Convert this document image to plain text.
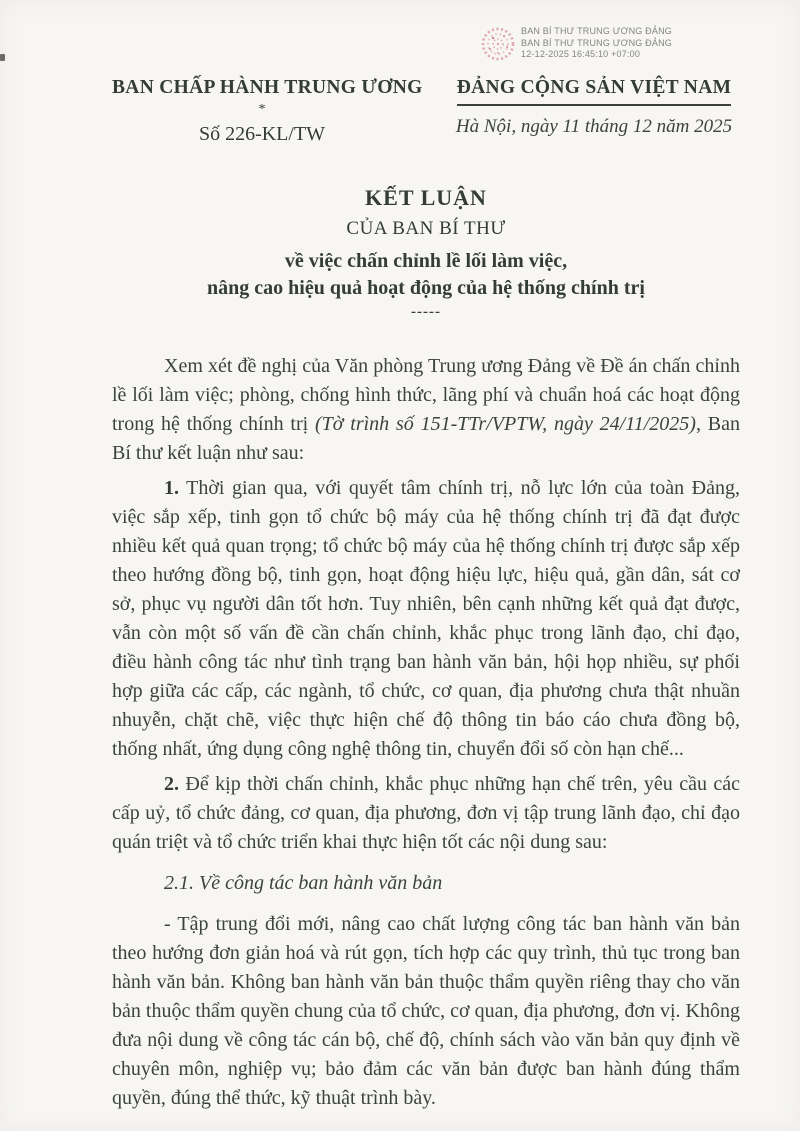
BAN BÍ THƯ TRUNG ƯƠNG ĐẢNG
BAN BÍ THƯ TRUNG ƯƠNG ĐẢNG
12-12-2025 16:45:10 +07:00
BAN CHẤP HÀNH TRUNG ƯƠNG
*
Số 226-KL/TW
ĐẢNG CỘNG SẢN VIỆT NAM
Hà Nội, ngày 11 tháng 12 năm 2025
KẾT LUẬN
CỦA BAN BÍ THƯ
về việc chấn chỉnh lề lối làm việc,
nâng cao hiệu quả hoạt động của hệ thống chính trị
-----

Xem xét đề nghị của Văn phòng Trung ương Đảng về Đề án chấn chỉnh lề lối làm việc; phòng, chống hình thức, lãng phí và chuẩn hoá các hoạt động trong hệ thống chính trị (Tờ trình số 151-TTr/VPTW, ngày 24/11/2025), Ban Bí thư kết luận như sau:

1. Thời gian qua, với quyết tâm chính trị, nỗ lực lớn của toàn Đảng, việc sắp xếp, tinh gọn tổ chức bộ máy của hệ thống chính trị đã đạt được nhiều kết quả quan trọng; tổ chức bộ máy của hệ thống chính trị được sắp xếp theo hướng đồng bộ, tinh gọn, hoạt động hiệu lực, hiệu quả, gần dân, sát cơ sở, phục vụ người dân tốt hơn. Tuy nhiên, bên cạnh những kết quả đạt được, vẫn còn một số vấn đề cần chấn chỉnh, khắc phục trong lãnh đạo, chỉ đạo, điều hành công tác như tình trạng ban hành văn bản, hội họp nhiều, sự phối hợp giữa các cấp, các ngành, tổ chức, cơ quan, địa phương chưa thật nhuần nhuyễn, chặt chẽ, việc thực hiện chế độ thông tin báo cáo chưa đồng bộ, thống nhất, ứng dụng công nghệ thông tin, chuyển đổi số còn hạn chế...

2. Để kịp thời chấn chỉnh, khắc phục những hạn chế trên, yêu cầu các cấp uỷ, tổ chức đảng, cơ quan, địa phương, đơn vị tập trung lãnh đạo, chỉ đạo quán triệt và tổ chức triển khai thực hiện tốt các nội dung sau:

2.1. Về công tác ban hành văn bản

- Tập trung đổi mới, nâng cao chất lượng công tác ban hành văn bản theo hướng đơn giản hoá và rút gọn, tích hợp các quy trình, thủ tục trong ban hành văn bản. Không ban hành văn bản thuộc thẩm quyền riêng thay cho văn bản thuộc thẩm quyền chung của tổ chức, cơ quan, địa phương, đơn vị. Không đưa nội dung về công tác cán bộ, chế độ, chính sách vào văn bản quy định về chuyên môn, nghiệp vụ; bảo đảm các văn bản được ban hành đúng thẩm quyền, đúng thể thức, kỹ thuật trình bày.
